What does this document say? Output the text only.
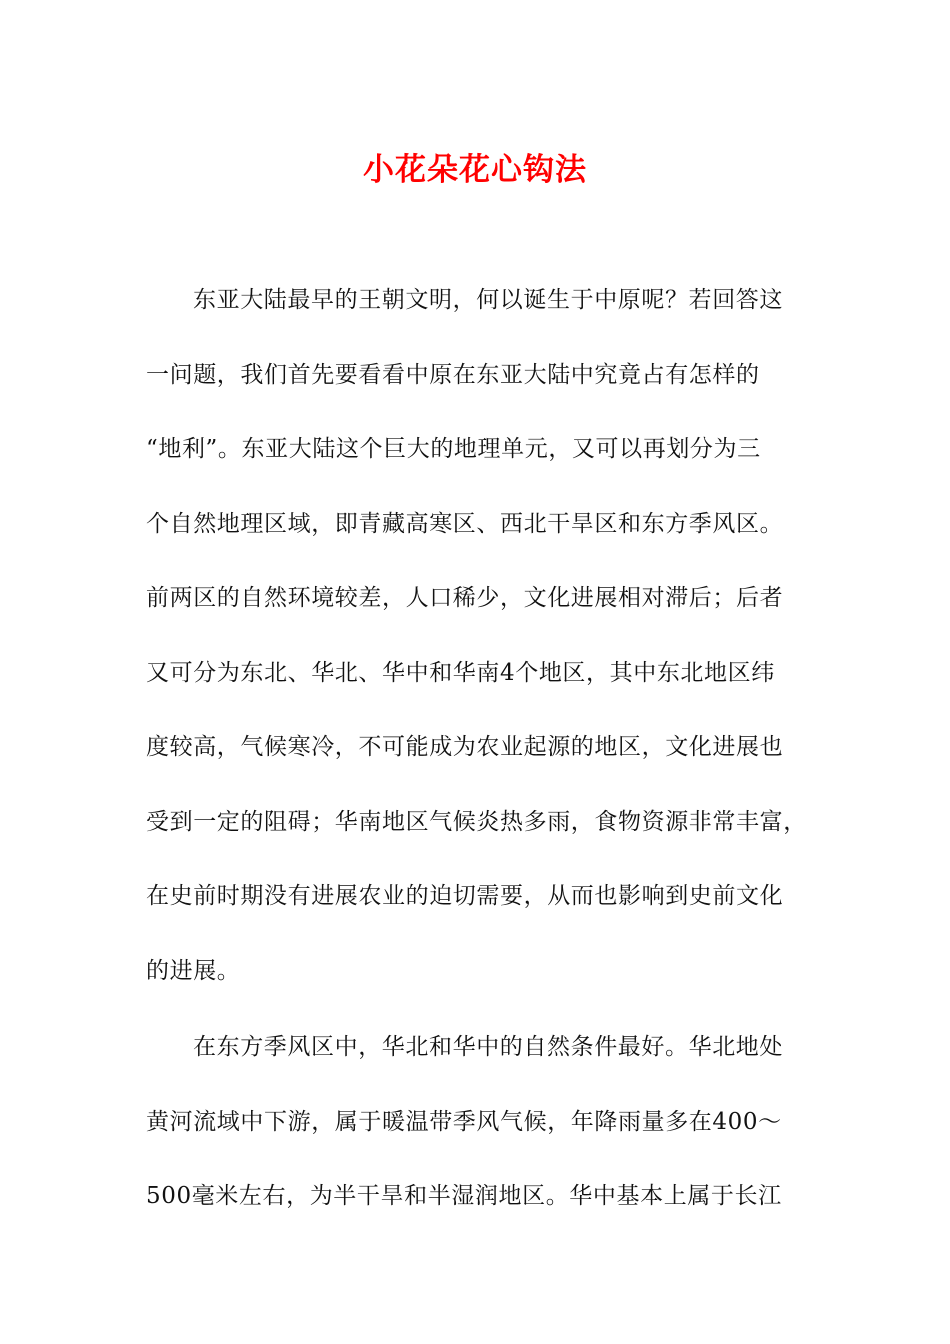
小花朵花心钩法
东亚大陆最早的王朝文明，何以诞生于中原呢？若回答这
一问题，我们首先要看看中原在东亚大陆中究竟占有怎样的
“地利”。东亚大陆这个巨大的地理单元，又可以再划分为三
个自然地理区域，即青藏高寒区、西北干旱区和东方季风区。
前两区的自然环境较差，人口稀少，文化进展相对滞后；后者
又可分为东北、华北、华中和华南4个地区，其中东北地区纬
度较高，气候寒冷，不可能成为农业起源的地区，文化进展也
受到一定的阻碍；华南地区气候炎热多雨，食物资源非常丰富，
在史前时期没有进展农业的迫切需要，从而也影响到史前文化
的进展。
在东方季风区中，华北和华中的自然条件最好。华北地处
黄河流域中下游，属于暖温带季风气候，年降雨量多在400～
500毫米左右，为半干旱和半湿润地区。华中基本上属于长江
